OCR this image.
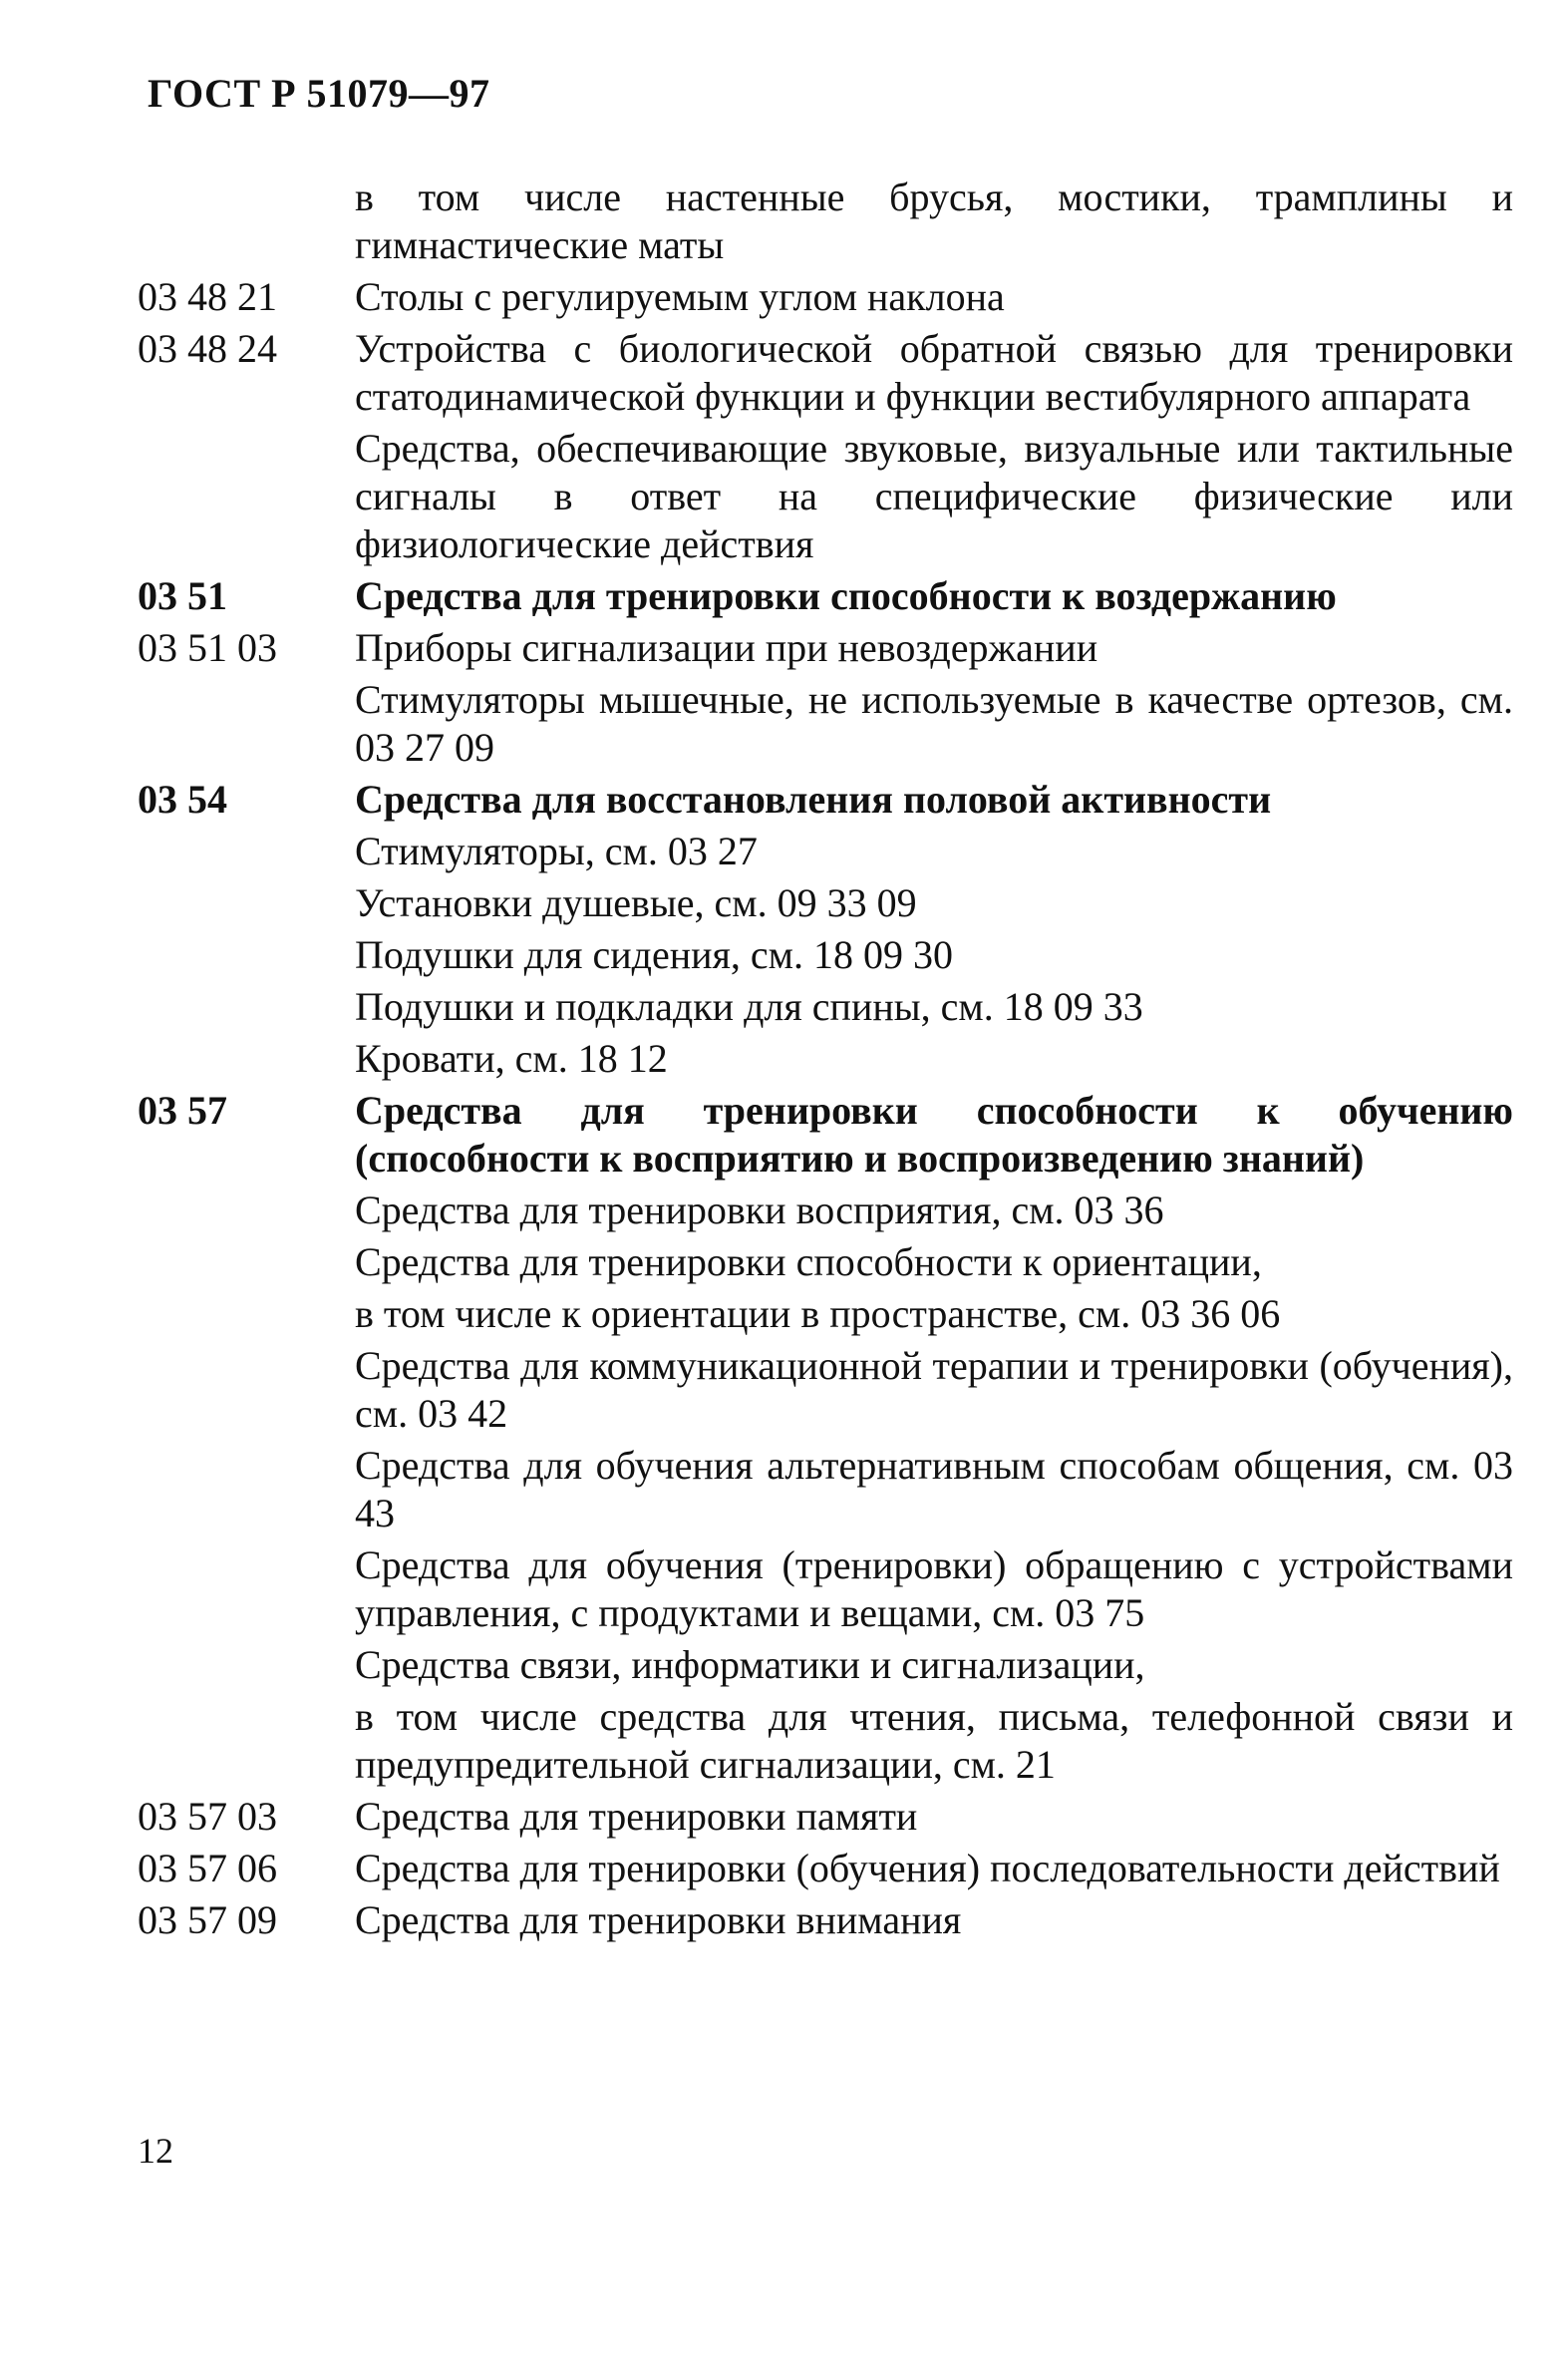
ГОСТ Р 51079—97
в том числе настенные брусья, мостики, трамплины и гимнастические маты
03 48 21	Столы с регулируемым углом наклона
03 48 24	Устройства с биологической обратной связью для тренировки статодинамической функции и функции вестибулярного аппарата
Средства, обеспечивающие звуковые, визуальные или тактильные сигналы в ответ на специфические физические или физиологические действия
03 51	Средства для тренировки способности к воздержанию
03 51 03	Приборы сигнализации при невоздержании
Стимуляторы мышечные, не используемые в качестве ортезов, см. 03 27 09
03 54	Средства для восстановления половой активности
Стимуляторы, см. 03 27
Установки душевые, см. 09 33 09
Подушки для сидения, см. 18 09 30
Подушки и подкладки для спины, см. 18 09 33
Кровати, см. 18 12
03 57	Средства для тренировки способности к обучению (способности к восприятию и воспроизведению знаний)
Средства для тренировки восприятия, см. 03 36
Средства для тренировки способности к ориентации,
в том числе к ориентации в пространстве, см. 03 36 06
Средства для коммуникационной терапии и тренировки (обучения), см. 03 42
Средства для обучения альтернативным способам общения, см. 03 43
Средства для обучения (тренировки) обращению с устройствами управления, с продуктами и вещами, см. 03 75
Средства связи, информатики и сигнализации,
в том числе средства для чтения, письма, телефонной связи и предупредительной сигнализации, см. 21
03 57 03	Средства для тренировки памяти
03 57 06	Средства для тренировки (обучения) последовательности действий
03 57 09	Средства для тренировки внимания
12
